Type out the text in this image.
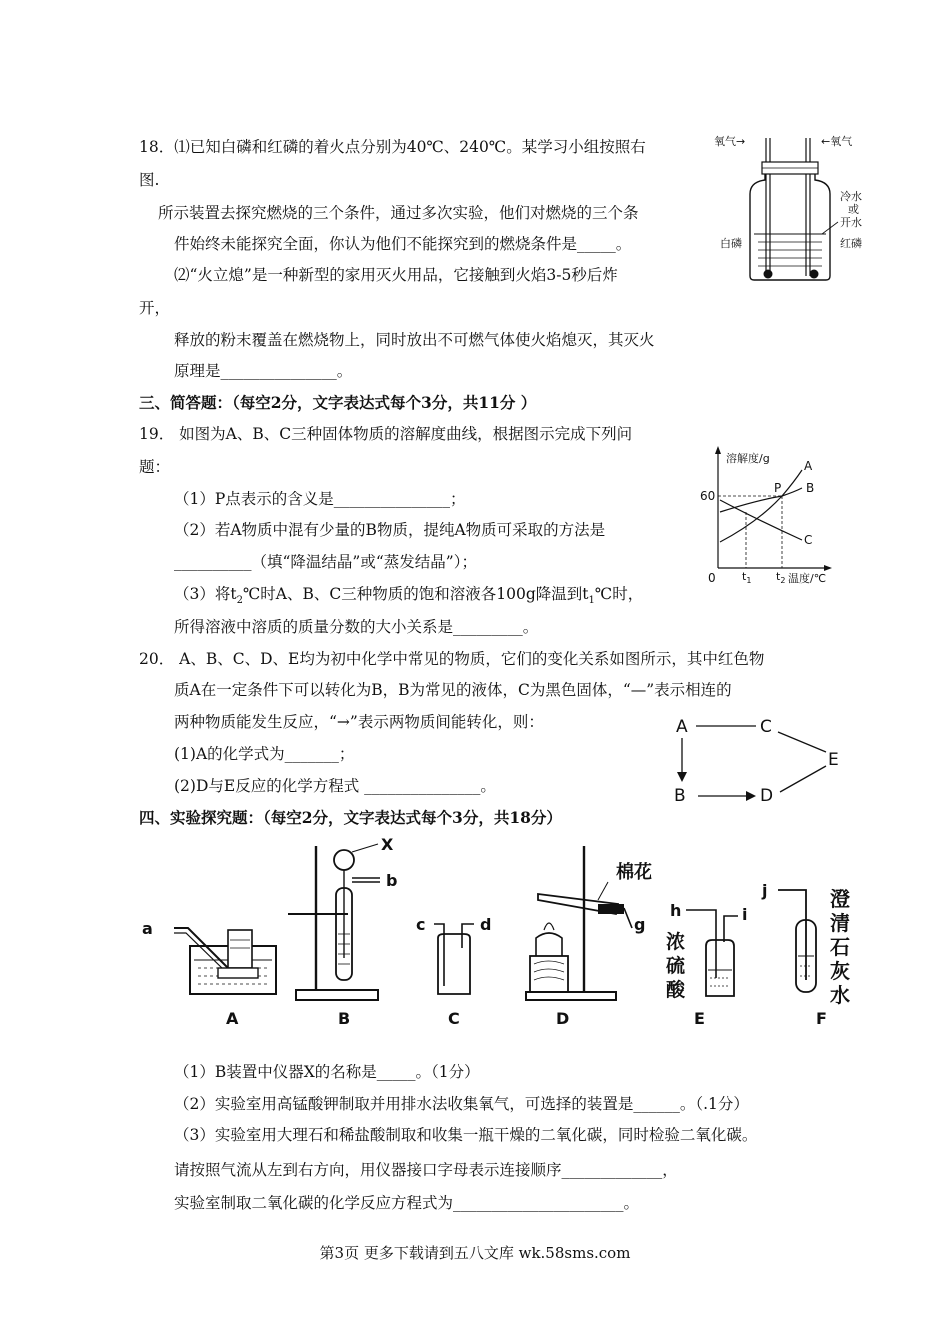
18．⑴已知白磷和红磷的着火点分别为40℃、240℃。某学习小组按照右
图.
所示装置去探究燃烧的三个条件，通过多次实验，他们对燃烧的三个条
件始终未能探究全面，你认为他们不能探究到的燃烧条件是_____。
⑵“火立熄”是一种新型的家用灭火用品，它接触到火焰3-5秒后炸
开，
释放的粉末覆盖在燃烧物上，同时放出不可燃气体使火焰熄灭，其灭火
原理是_______________。
氧气→	←氧气
冷水
或
开水
白磷	红磷
三、简答题：（每空2分，文字表达式每个3分，共11分 ）
19． 如图为A、B、C三种固体物质的溶解度曲线，根据图示完成下列问
题：
（1）P点表示的含义是_______________；
（2）若A物质中混有少量的B物质，提纯A物质可采取的方法是
__________（填“降温结晶”或“蒸发结晶”）；
（3）将$t_2℃$时A、B、C三种物质的饱和溶液各100g降温到$t_1℃$时，
所得溶液中溶质的质量分数的大小关系是_________。
溶解度/g
温度/℃
0
60
$t_1$ $t_2$
A
B
C
P
20． A、B、C、D、E均为初中化学中常见的物质，它们的变化关系如图所示，其中红色物
质A在一定条件下可以转化为B，B为常见的液体，C为黑色固体，“—”表示相连的
两种物质能发生反应，“→”表示两物质间能转化，则：
(1)A的化学式为_______；
(2)D与E反应的化学方程式 _______________。
A	C
E
B	D
四、实验探究题：（每空2分，文字表达式每个3分，共18分）
a
A
X
b
B
c	d
C
棉花
g
D
h	i
浓
硫
酸
E
j	澄
清
石
灰
水
F
（1）B装置中仪器X的名称是_____。（1分）
（2）实验室用高锰酸钾制取并用排水法收集氧气，可选择的装置是______。（.1分）
（3）实验室用大理石和稀盐酸制取和收集一瓶干燥的二氧化碳，同时检验二氧化碳。
请按照气流从左到右方向，用仪器接口字母表示连接顺序_____________，
实验室制取二氧化碳的化学反应方程式为______________________。
第3页 更多下载请到五八文库 wk.58sms.com
